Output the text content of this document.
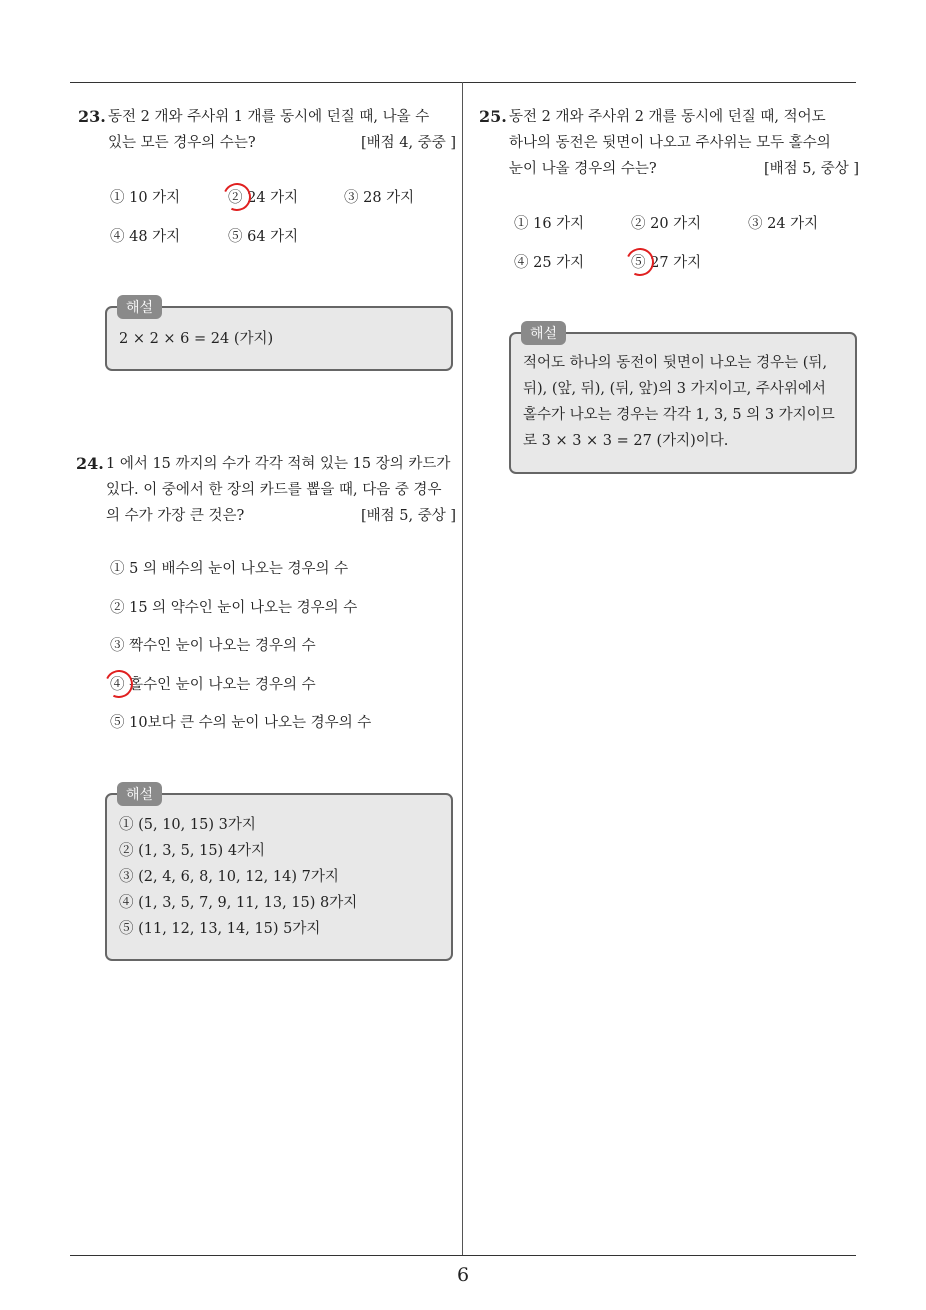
23. 동전 2 개와 주사위 1 개를 동시에 던질 때, 나올 수
있는 모든 경우의 수는?	[배점 4, 중중 ]
① 10 가지	② 24 가지	③ 28 가지
④ 48 가지	⑤ 64 가지
해설
2 × 2 × 6 = 24 (가지)
24. 1 에서 15 까지의 수가 각각 적혀 있는 15 장의 카드가
있다. 이 중에서 한 장의 카드를 뽑을 때, 다음 중 경우
의 수가 가장 큰 것은?	[배점 5, 중상 ]
① 5 의 배수의 눈이 나오는 경우의 수
② 15 의 약수인 눈이 나오는 경우의 수
③ 짝수인 눈이 나오는 경우의 수
④ 홀수인 눈이 나오는 경우의 수
⑤ 10보다 큰 수의 눈이 나오는 경우의 수
해설
① (5, 10, 15) 3가지
② (1, 3, 5, 15) 4가지
③ (2, 4, 6, 8, 10, 12, 14) 7가지
④ (1, 3, 5, 7, 9, 11, 13, 15) 8가지
⑤ (11, 12, 13, 14, 15) 5가지
25. 동전 2 개와 주사위 2 개를 동시에 던질 때, 적어도
하나의 동전은 뒷면이 나오고 주사위는 모두 홀수의
눈이 나올 경우의 수는?	[배점 5, 중상 ]
① 16 가지	② 20 가지	③ 24 가지
④ 25 가지	⑤ 27 가지
해설
적어도 하나의 동전이 뒷면이 나오는 경우는 (뒤,
뒤), (앞, 뒤), (뒤, 앞)의 3 가지이고, 주사위에서
홀수가 나오는 경우는 각각 1, 3, 5 의 3 가지이므
로 3 × 3 × 3 = 27 (가지)이다.
6
